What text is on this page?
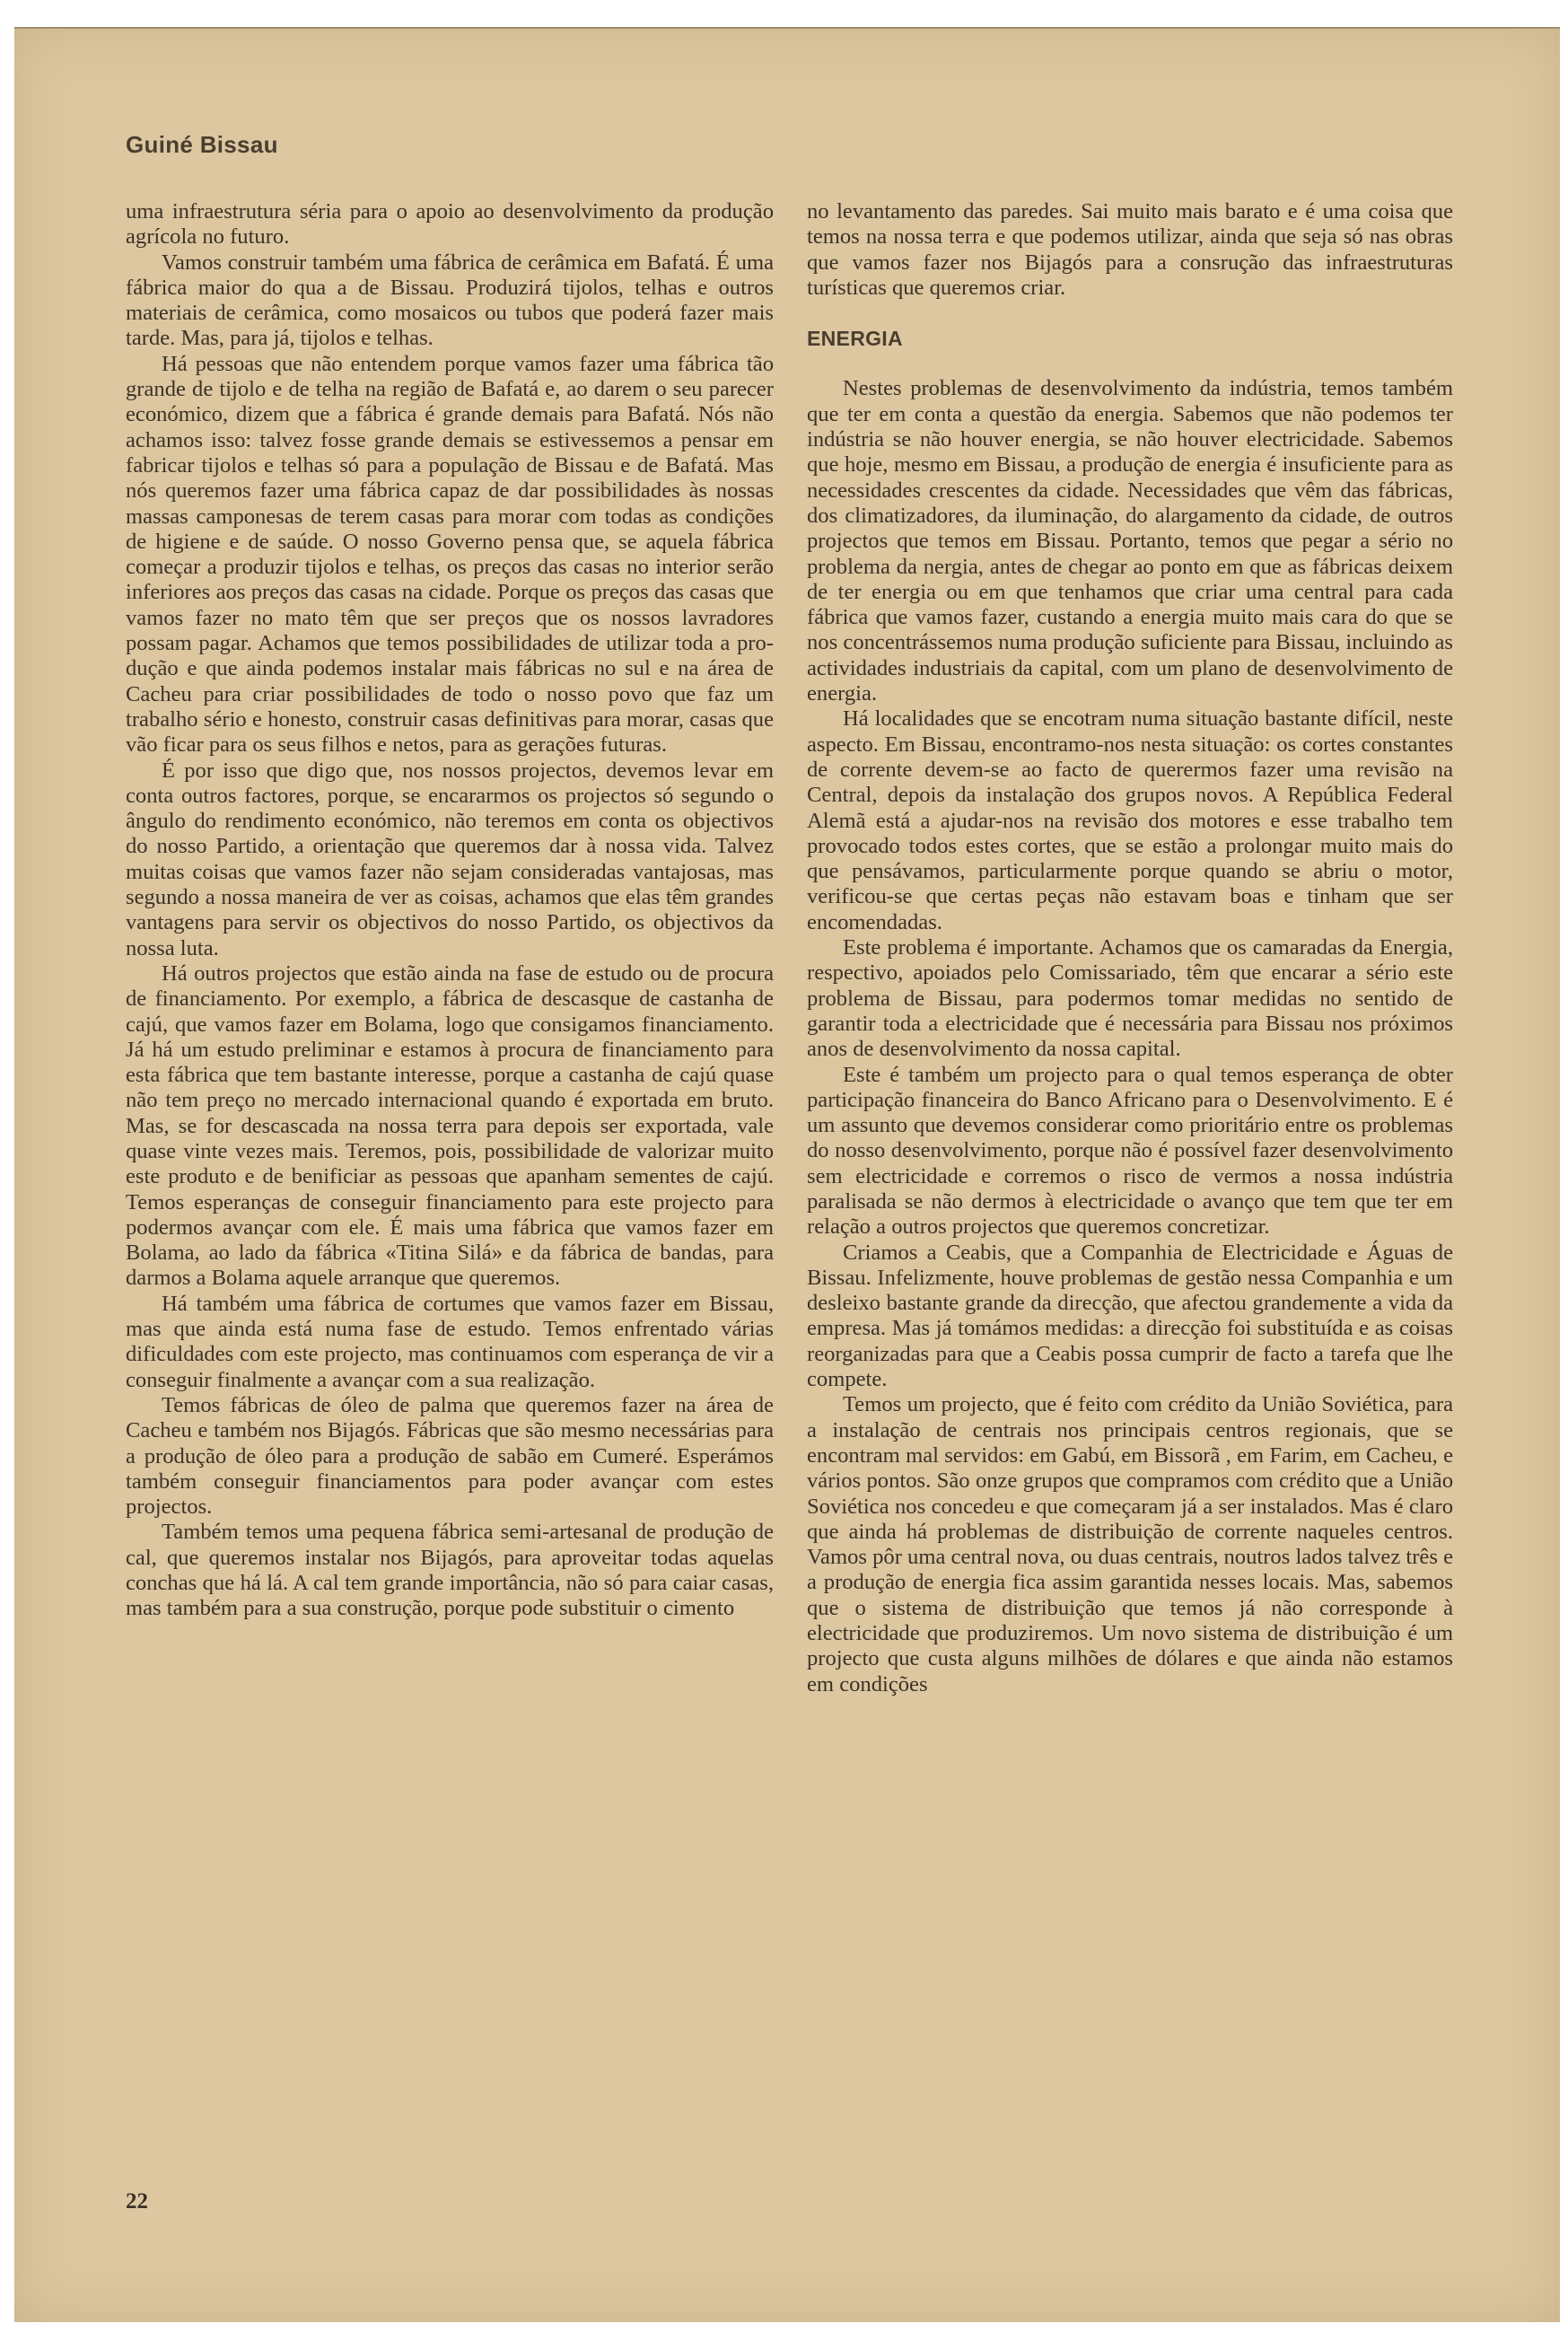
Guiné Bissau

uma infraestrutura séria para o apoio ao desenvolvimento da produção agrícola no futuro.

Vamos construir também uma fábrica de cerâmica em Bafatá. É uma fábrica maior do qua a de Bissau. Produzirá tijolos, telhas e outros materiais de cerâmica, como mosaicos ou tubos que poderá fazer mais tarde. Mas, para já, tijolos e telhas.

Há pessoas que não entendem porque vamos fazer uma fábrica tão grande de tijolo e de telha na região de Bafatá e, ao darem o seu parecer económico, dizem que a fábrica é grande demais para Bafatá. Nós não achamos isso: talvez fosse grande demais se estivessemos a pensar em fabricar tijolos e telhas só para a população de Bissau e de Bafatá. Mas nós queremos fazer uma fábrica capaz de dar possibilidades às nossas massas camponesas de terem casas para morar com todas as condições de higiene e de saúde. O nosso Governo pensa que, se aquela fábrica começar a produzir tijolos e telhas, os preços das casas no interior serão inferiores aos preços das casas na cidade. Porque os preços das casas que vamos fazer no mato têm que ser preços que os nossos lavradores possam pagar. Achamos que temos possibilidades de utilizar toda a produção e que ainda podemos instalar mais fábricas no sul e na área de Cacheu para criar possibilidades de todo o nosso povo que faz um trabalho sério e honesto, construir casas definitivas para morar, casas que vão ficar para os seus filhos e netos, para as gerações futuras.

É por isso que digo que, nos nossos projectos, devemos levar em conta outros factores, porque, se encararmos os projectos só segundo o ângulo do rendimento económico, não teremos em conta os objectivos do nosso Partido, a orientação que queremos dar à nossa vida. Talvez muitas coisas que vamos fazer não sejam consideradas vantajosas, mas segundo a nossa maneira de ver as coisas, achamos que elas têm grandes vantagens para servir os objectivos do nosso Partido, os objectivos da nossa luta.

Há outros projectos que estão ainda na fase de estudo ou de procura de financiamento. Por exemplo, a fábrica de descasque de castanha de cajú, que vamos fazer em Bolama, logo que consigamos financiamento. Já há um estudo preliminar e estamos à procura de financiamento para esta fábrica que tem bastante interesse, porque a castanha de cajú quase não tem preço no mercado internacional quando é exportada em bruto. Mas, se for descascada na nossa terra para depois ser exportada, vale quase vinte vezes mais. Teremos, pois, possibilidade de valorizar muito este produto e de benificiar as pessoas que apanham sementes de cajú. Temos esperanças de conseguir financiamento para este projecto para podermos avançar com ele. É mais uma fábrica que vamos fazer em Bolama, ao lado da fábrica «Titina Silá» e da fábrica de bandas, para darmos a Bolama aquele arranque que queremos.

Há também uma fábrica de cortumes que vamos fazer em Bissau, mas que ainda está numa fase de estudo. Temos enfrentado várias dificuldades com este projecto, mas continuamos com esperança de vir a conseguir finalmente a avançar com a sua realização.

Temos fábricas de óleo de palma que queremos fazer na área de Cacheu e também nos Bijagós. Fábricas que são mesmo necessárias para a produção de óleo para a produção de sabão em Cumeré. Esperámos também conseguir financiamentos para poder avançar com estes projectos.

Também temos uma pequena fábrica semi-artesanal de produção de cal, que queremos instalar nos Bijagós, para aproveitar todas aquelas conchas que há lá. A cal tem grande importância, não só para caiar casas, mas também para a sua construção, porque pode substituir o cimento

no levantamento das paredes. Sai muito mais barato e é uma coisa que temos na nossa terra e que podemos utilizar, ainda que seja só nas obras que vamos fazer nos Bijagós para a consrução das infraestruturas turísticas que queremos criar.

ENERGIA

Nestes problemas de desenvolvimento da indústria, temos também que ter em conta a questão da energia. Sabemos que não podemos ter indústria se não houver energia, se não houver electricidade. Sabemos que hoje, mesmo em Bissau, a produção de energia é insuficiente para as necessidades crescentes da cidade. Necessidades que vêm das fábricas, dos climatizadores, da iluminação, do alargamento da cidade, de outros projectos que temos em Bissau. Portanto, temos que pegar a sério no problema da nergia, antes de chegar ao ponto em que as fábricas deixem de ter energia ou em que tenhamos que criar uma central para cada fábrica que vamos fazer, custando a energia muito mais cara do que se nos concentrássemos numa produção suficiente para Bissau, incluindo as actividades industriais da capital, com um plano de desenvolvimento de energia.

Há localidades que se encotram numa situação bastante difícil, neste aspecto. Em Bissau, encontramo-nos nesta situação: os cortes constantes de corrente devem-se ao facto de querermos fazer uma revisão na Central, depois da instalação dos grupos novos. A República Federal Alemã está a ajudar-nos na revisão dos motores e esse trabalho tem provocado todos estes cortes, que se estão a prolongar muito mais do que pensávamos, particularmente porque quando se abriu o motor, verificou-se que certas peças não estavam boas e tinham que ser encomendadas.

Este problema é importante. Achamos que os camaradas da Energia, respectivo, apoiados pelo Comissariado, têm que encarar a sério este problema de Bissau, para podermos tomar medidas no sentido de garantir toda a electricidade que é necessária para Bissau nos próximos anos de desenvolvimento da nossa capital.

Este é também um projecto para o qual temos esperança de obter participação financeira do Banco Africano para o Desenvolvimento. E é um assunto que devemos considerar como prioritário entre os problemas do nosso desenvolvimento, porque não é possível fazer desenvolvimento sem electricidade e corremos o risco de vermos a nossa indústria paralisada se não dermos à electricidade o avanço que tem que ter em relação a outros projectos que queremos concretizar.

Criamos a Ceabis, que a Companhia de Electricidade e Águas de Bissau. Infelizmente, houve problemas de gestão nessa Companhia e um desleixo bastante grande da direcção, que afectou grandemente a vida da empresa. Mas já tomámos medidas: a direcção foi substituída e as coisas reorganizadas para que a Ceabis possa cumprir de facto a tarefa que lhe compete.

Temos um projecto, que é feito com crédito da União Soviética, para a instalação de centrais nos principais centros regionais, que se encontram mal servidos: em Gabú, em Bissorã , em Farim, em Cacheu, e vários pontos. São onze grupos que compramos com crédito que a União Soviética nos concedeu e que começaram já a ser instalados. Mas é claro que ainda há problemas de distribuição de corrente naqueles centros. Vamos pôr uma central nova, ou duas centrais, noutros lados talvez três e a produção de energia fica assim garantida nesses locais. Mas, sabemos que o sistema de distribuição que temos já não corresponde à electricidade que produziremos. Um novo sistema de distribuição é um projecto que custa alguns milhões de dólares e que ainda não estamos em condições

22
